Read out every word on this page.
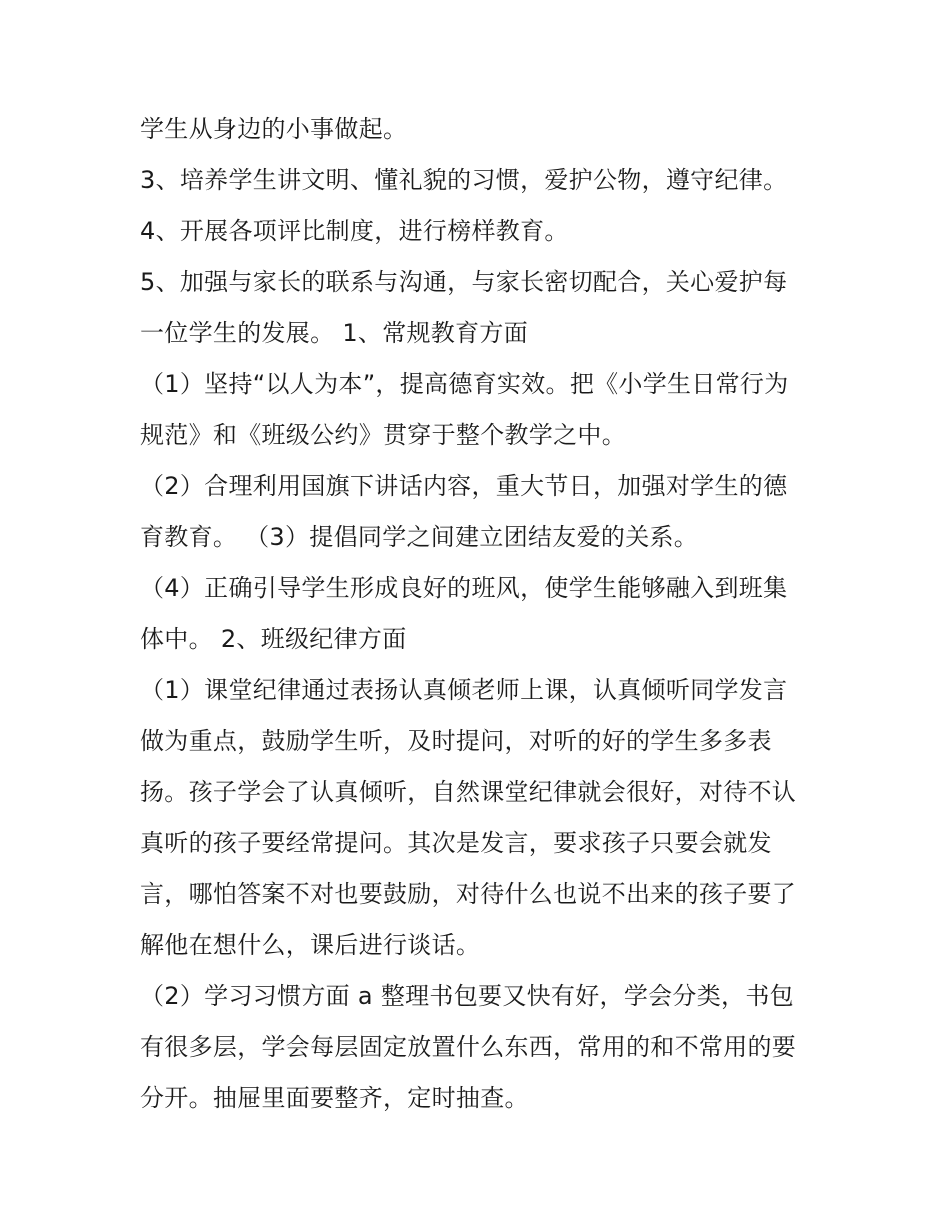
学生从身边的小事做起。
3、培养学生讲文明、懂礼貌的习惯，爱护公物，遵守纪律。
4、开展各项评比制度，进行榜样教育。
5、加强与家长的联系与沟通，与家长密切配合，关心爱护每
一位学生的发展。 1、常规教育方面
（1）坚持“以人为本”，提高德育实效。把《小学生日常行为
规范》和《班级公约》贯穿于整个教学之中。
（2）合理利用国旗下讲话内容，重大节日，加强对学生的德
育教育。 （3）提倡同学之间建立团结友爱的关系。
（4）正确引导学生形成良好的班风，使学生能够融入到班集
体中。 2、班级纪律方面
（1）课堂纪律通过表扬认真倾老师上课，认真倾听同学发言
做为重点，鼓励学生听，及时提问，对听的好的学生多多表
扬。孩子学会了认真倾听，自然课堂纪律就会很好，对待不认
真听的孩子要经常提问。其次是发言，要求孩子只要会就发
言，哪怕答案不对也要鼓励，对待什么也说不出来的孩子要了
解他在想什么，课后进行谈话。
（2）学习习惯方面 a 整理书包要又快有好，学会分类，书包
有很多层，学会每层固定放置什么东西，常用的和不常用的要
分开。抽屉里面要整齐，定时抽查。
